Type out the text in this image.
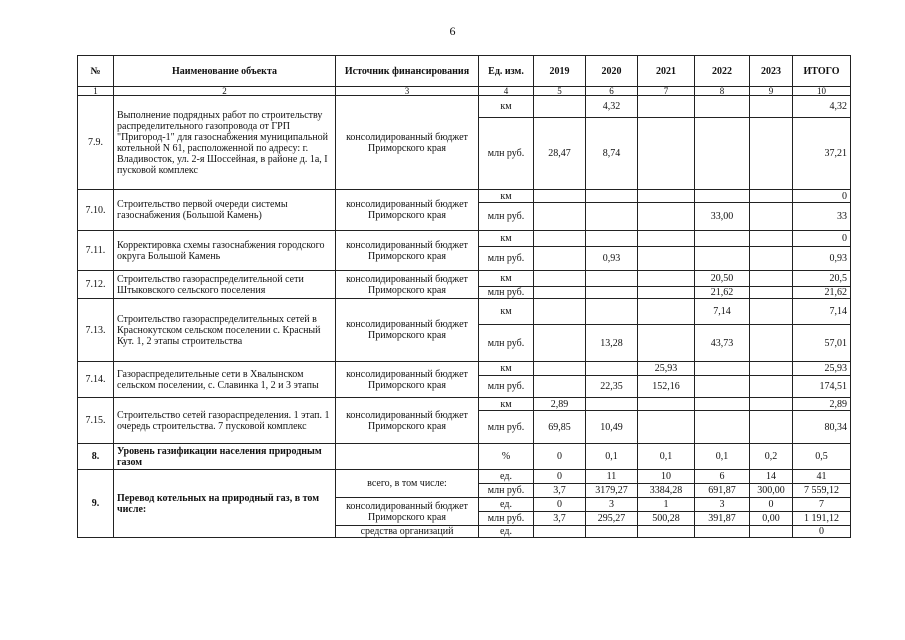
6
№	Наименование объекта	Источник финансирования	Ед. изм.	2019	2020	2021	2022	2023	ИТОГО
1	2	3	4	5	6	7	8	9	10
7.9.	Выполнение подрядных работ по строительству распределительного газопровода от ГРП "Пригород-1" для газоснабжения муниципальной котельной N 61, расположенной по адресу: г. Владивосток, ул. 2-я Шоссейная, в районе д. 1а, I пусковой комплекс	консолидированный бюджет Приморского края	км		4,32				4,32
			млн руб.	28,47	8,74				37,21
7.10.	Строительство первой очереди системы газоснабжения (Большой Камень)	консолидированный бюджет Приморского края	км						0
			млн руб.				33,00		33
7.11.	Корректировка схемы газоснабжения городского округа Большой Камень	консолидированный бюджет Приморского края	км						0
			млн руб.		0,93				0,93
7.12.	Строительство газораспределительной сети Штыковского сельского поселения	консолидированный бюджет Приморского края	км				20,50		20,5
			млн руб.				21,62		21,62
7.13.	Строительство газораспределительных сетей в Краснокутском сельском поселении с. Красный Кут. 1, 2 этапы строительства	консолидированный бюджет Приморского края	км				7,14		7,14
			млн руб.		13,28		43,73		57,01
7.14.	Газораспределительные сети в Хвалынском сельском поселении, с. Славинка 1, 2 и 3 этапы	консолидированный бюджет Приморского края	км			25,93			25,93
			млн руб.		22,35	152,16			174,51
7.15.	Строительство сетей газораспределения. 1 этап. 1 очередь строительства. 7 пусковой комплекс	консолидированный бюджет Приморского края	км	2,89					2,89
			млн руб.	69,85	10,49				80,34
8.	Уровень газификации населения природным газом		%	0	0,1	0,1	0,1	0,2	0,5
9.	Перевод котельных на природный газ, в том числе:	всего, в том числе:	ед.	0	11	10	6	14	41
			млн руб.	3,7	3179,27	3384,28	691,87	300,00	7 559,12
		консолидированный бюджет Приморского края	ед.	0	3	1	3	0	7
			млн руб.	3,7	295,27	500,28	391,87	0,00	1 191,12
		средства организаций	ед.						0
